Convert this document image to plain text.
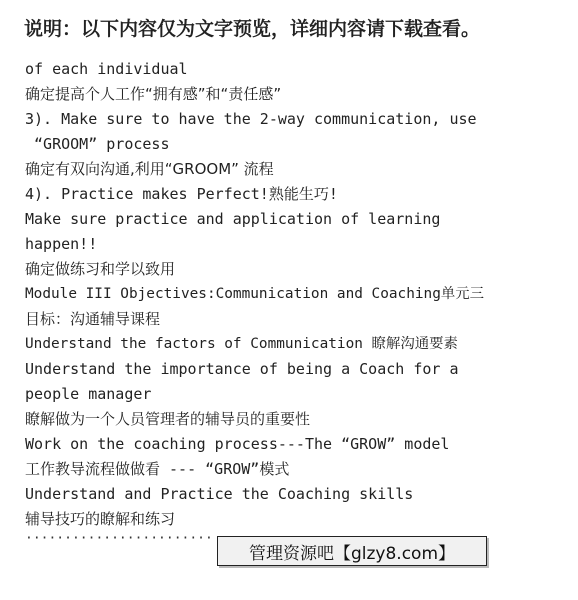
说明：以下内容仅为文字预览，详细内容请下载查看。
of each individual
确定提高个人工作“拥有感”和“责任感”
3). Make sure to have the 2-way communication, use
“GROOM” process
确定有双向沟通,利用“GROOM” 流程
4). Practice makes Perfect!熟能生巧!
Make sure practice and application of learning
happen!!
确定做练习和学以致用
Module III Objectives:Communication and Coaching单元三
目标：沟通辅导课程
Understand the factors of Communication 瞭解沟通要素
Understand the importance of being a Coach for a
people manager
瞭解做为一个人员管理者的辅导员的重要性
Work on the coaching process---The “GROW” model
工作教导流程做做看 --- “GROW”模式
Understand and Practice the Coaching skills
辅导技巧的瞭解和练习
························
管理资源吧【glzy8.com】
